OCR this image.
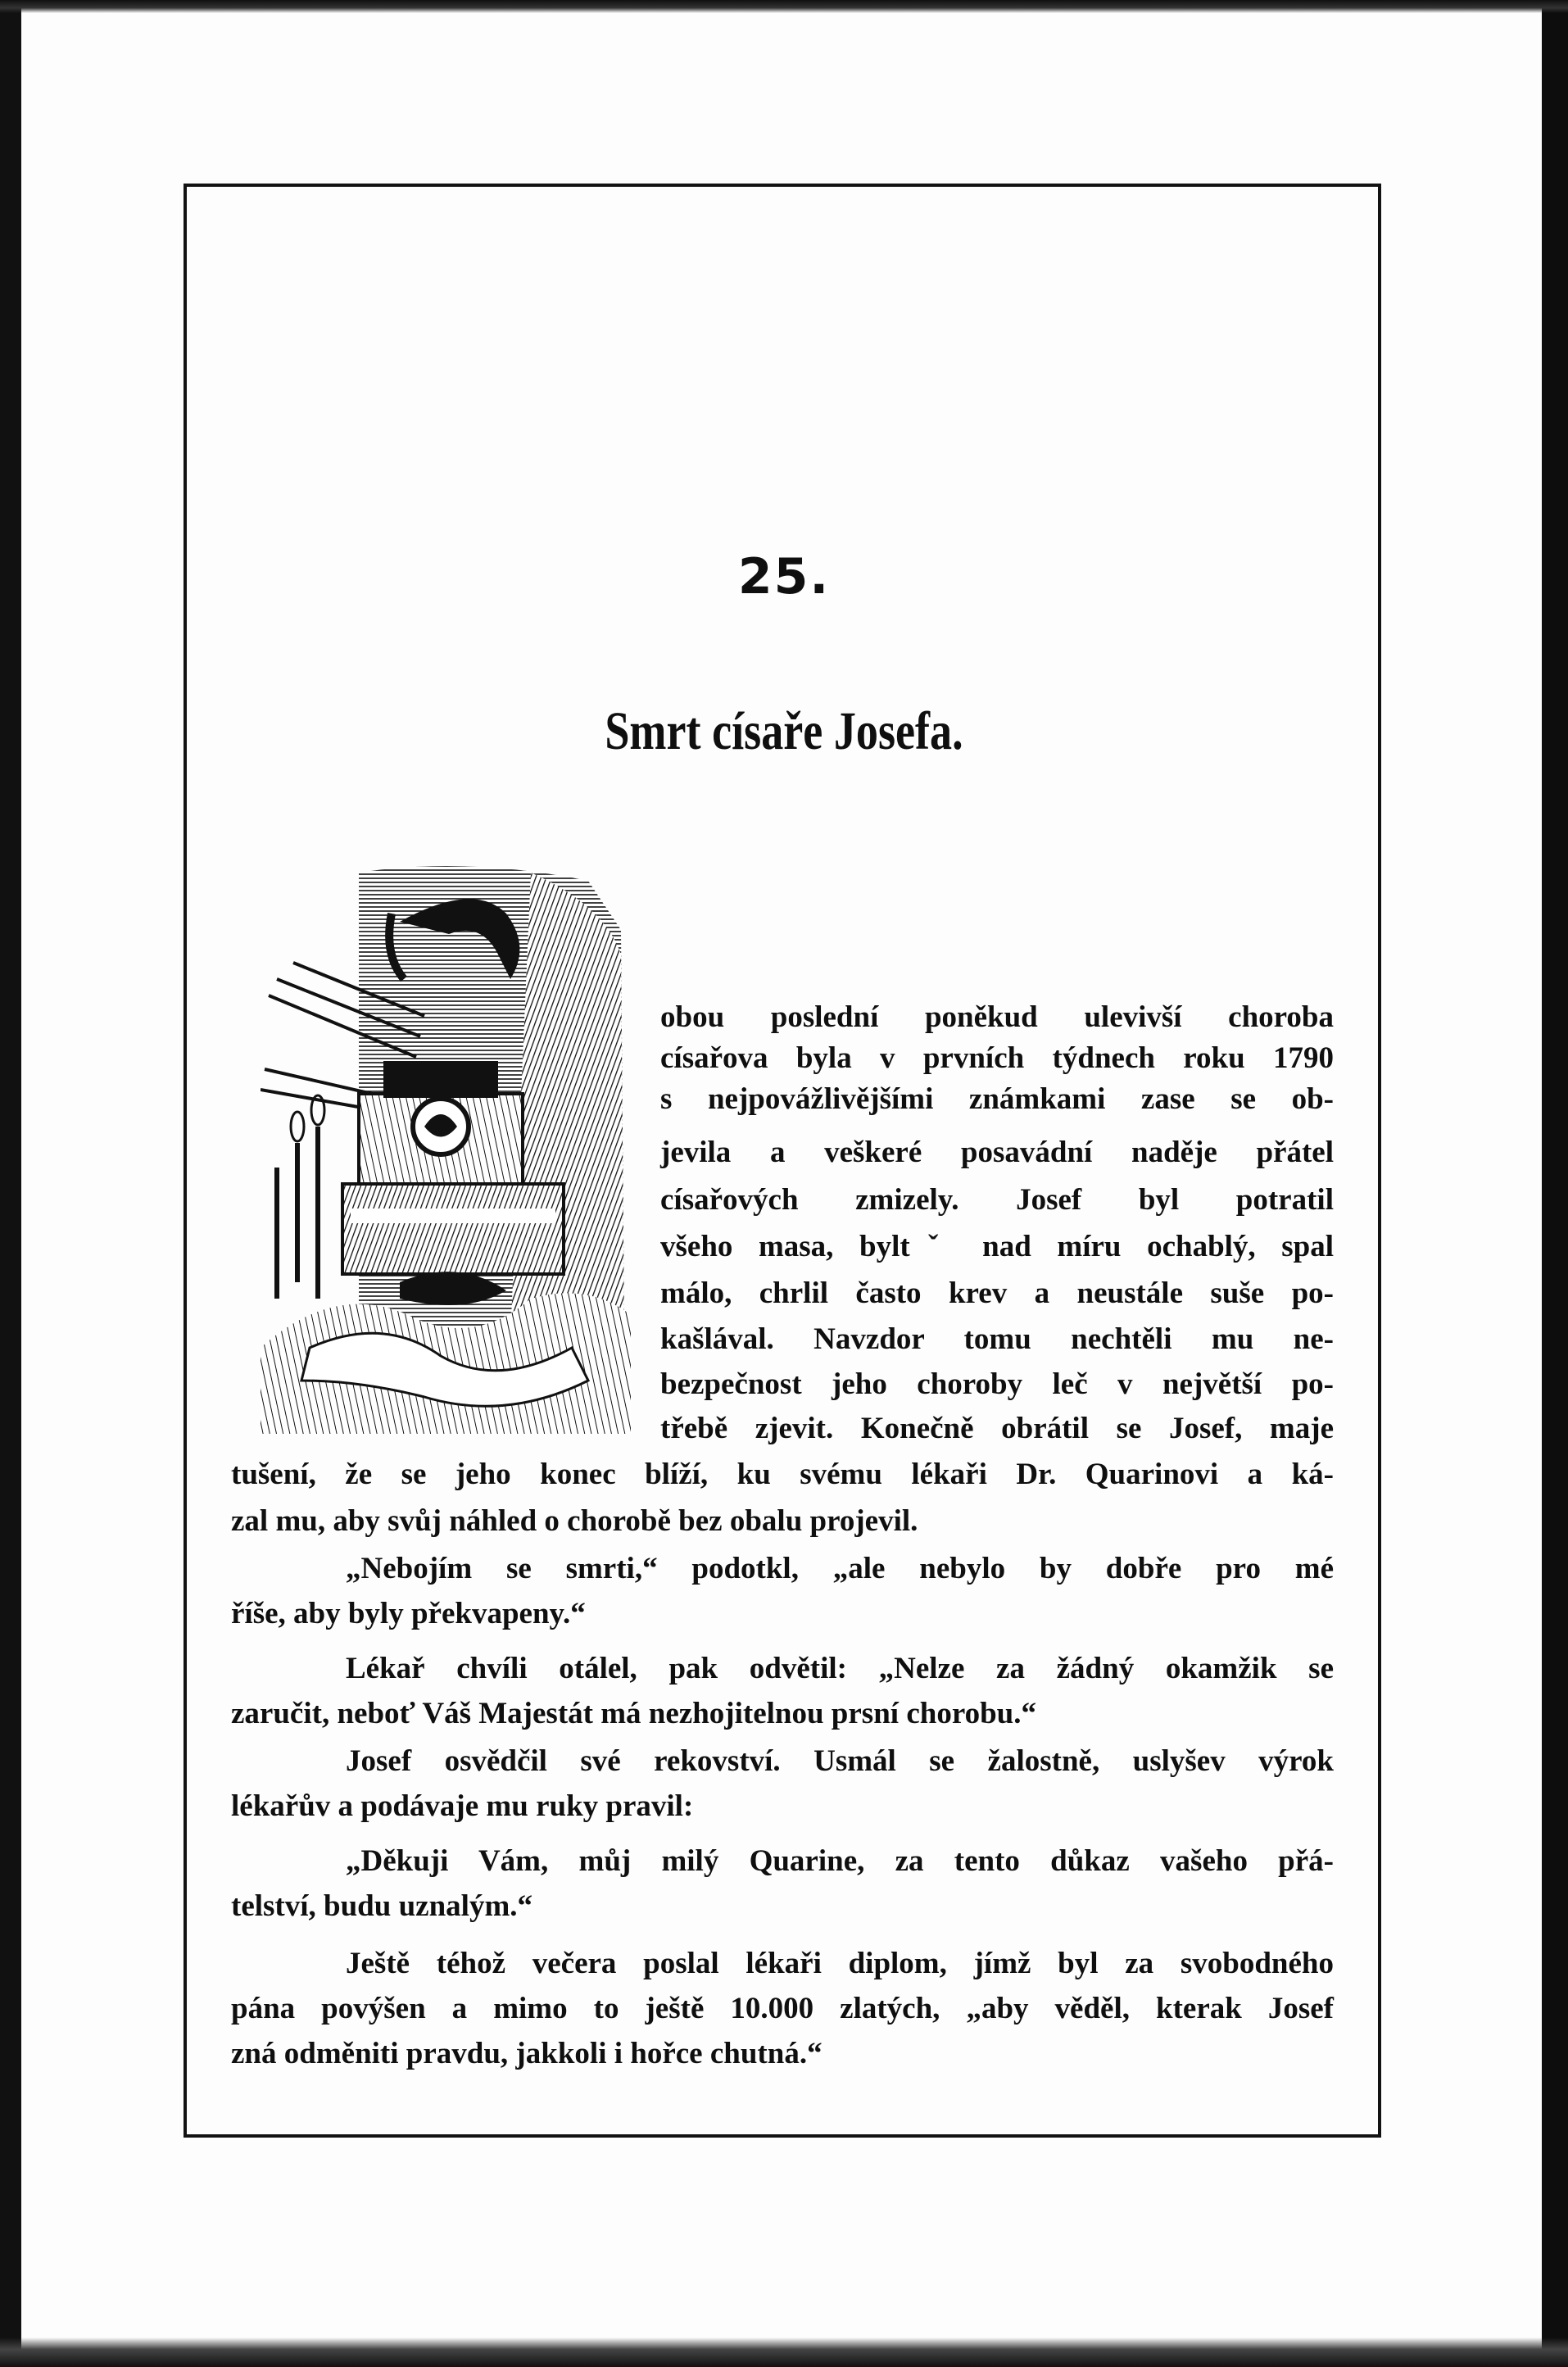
25.
Smrt císaře Josefa.
obou poslední poněkud ulevivší choroba
císařova byla v prvních týdnech roku 1790
s nejpovážlivějšími známkami zase se ob-
jevila a veškeré posavádní naděje přátel
císařových zmizely. Josef byl potratil
všeho masa, byltˇ nad míru ochablý, spal
málo, chrlil často krev a neustále suše po-
kašlával. Navzdor tomu nechtěli mu ne-
bezpečnost jeho choroby leč v největší po-
třebě zjevit. Konečně obrátil se Josef, maje
tušení, že se jeho konec blíží, ku svému lékaři Dr. Quarinovi a ká-
zal mu, aby svůj náhled o chorobě bez obalu projevil.
„Nebojím se smrti,“ podotkl, „ale nebylo by dobře pro mé
říše, aby byly překvapeny.“
Lékař chvíli otálel, pak odvětil: „Nelze za žádný okamžik se
zaručit, neboť Váš Majestát má nezhojitelnou prsní chorobu.“
Josef osvědčil své rekovství. Usmál se žalostně, uslyšev výrok
lékařův a podávaje mu ruky pravil:
„Děkuji Vám, můj milý Quarine, za tento důkaz vašeho přá-
telství, budu uznalým.“
Ještě téhož večera poslal lékaři diplom, jímž byl za svobodného
pána povýšen a mimo to ještě 10.000 zlatých, „aby věděl, kterak Josef
zná odměniti pravdu, jakkoli i hořce chutná.“
